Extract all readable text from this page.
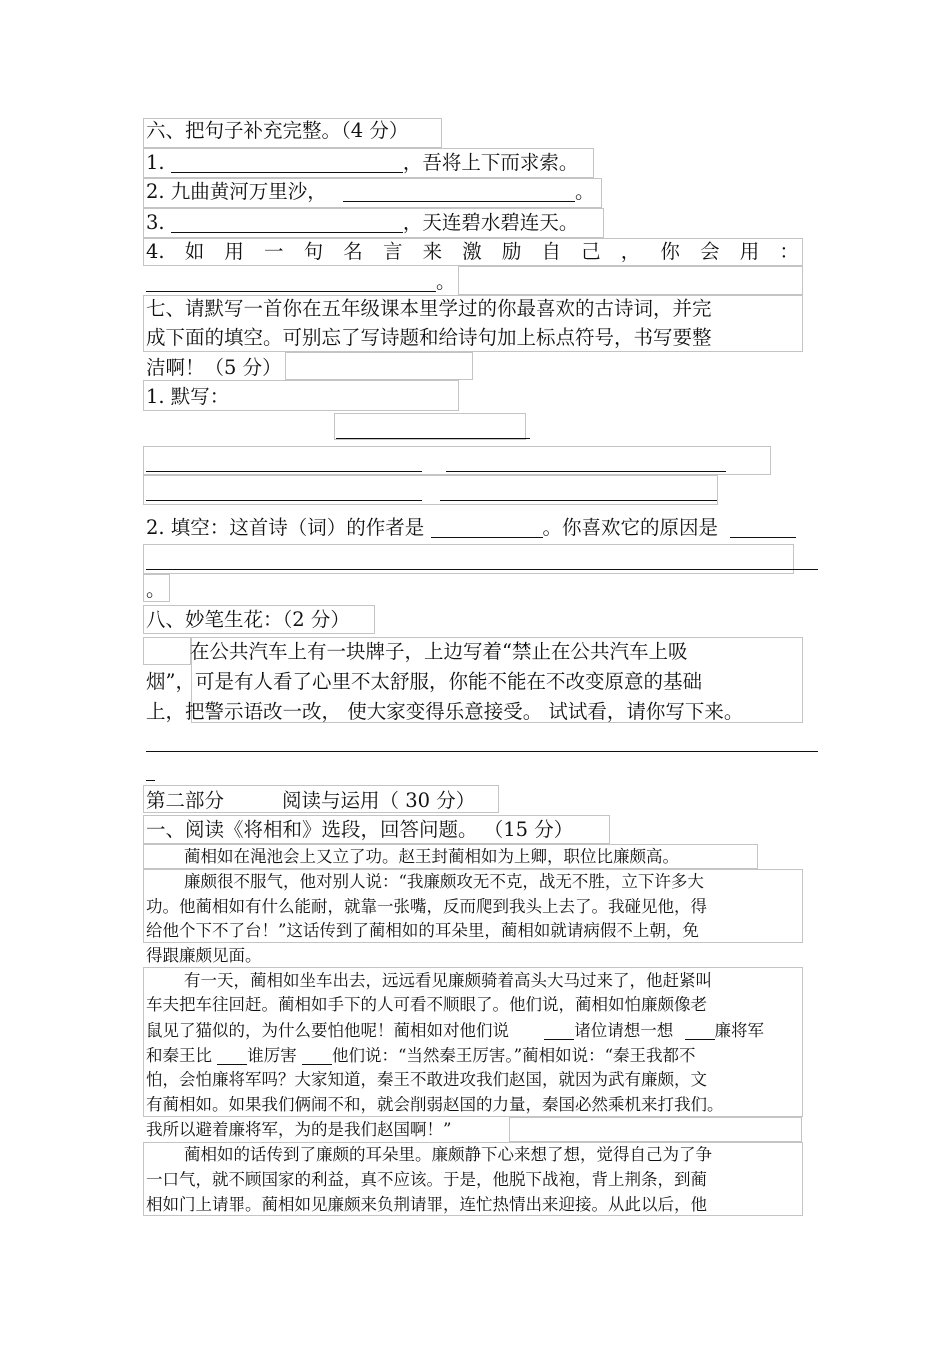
六、把句子补充完整。（4 分）
1.	，吾将上下而求索。
2. 九曲黄河万里沙，	。
3.	，天连碧水碧连天。
4. 如 用 一 句 名 言 来 激 励 自 己 ， 你 会 用 ：
。
七、请默写一首你在五年级课本里学过的你最喜欢的古诗词，并完
成下面的填空。可别忘了写诗题和给诗句加上标点符号，书写要整
洁啊！（5 分）
1. 默写：
2. 填空：这首诗（词）的作者是	。你喜欢它的原因是
。
八、妙笔生花：（2 分）
在公共汽车上有一块牌子，上边写着“禁止在公共汽车上吸
烟”，可是有人看了心里不太舒服，你能不能在不改变原意的基础
上，把警示语改一改， 使大家变得乐意接受。 试试看，请你写下来。
第二部分	阅读与运用（ 30 分）
一、阅读《将相和》选段，回答问题。 （15 分）
蔺相如在渑池会上又立了功。赵王封蔺相如为上卿，职位比廉颇高。
廉颇很不服气，他对别人说：“我廉颇攻无不克，战无不胜，立下许多大
功。他蔺相如有什么能耐，就靠一张嘴，反而爬到我头上去了。我碰见他，得
给他个下不了台！”这话传到了蔺相如的耳朵里，蔺相如就请病假不上朝，免
得跟廉颇见面。
有一天，蔺相如坐车出去，远远看见廉颇骑着高头大马过来了，他赶紧叫
车夫把车往回赶。蔺相如手下的人可看不顺眼了。他们说，蔺相如怕廉颇像老
鼠见了猫似的，为什么要怕他呢！蔺相如对他们说	诸位请想一想	廉将军
和秦王比 谁厉害 他们说：“当然秦王厉害。”蔺相如说：“秦王我都不
怕，会怕廉将军吗？大家知道，秦王不敢进攻我们赵国，就因为武有廉颇，文
有蔺相如。如果我们俩闹不和，就会削弱赵国的力量，秦国必然乘机来打我们。
我所以避着廉将军，为的是我们赵国啊！”
蔺相如的话传到了廉颇的耳朵里。廉颇静下心来想了想，觉得自己为了争
一口气，就不顾国家的利益，真不应该。于是，他脱下战袍，背上荆条，到蔺
相如门上请罪。蔺相如见廉颇来负荆请罪，连忙热情出来迎接。从此以后，他
